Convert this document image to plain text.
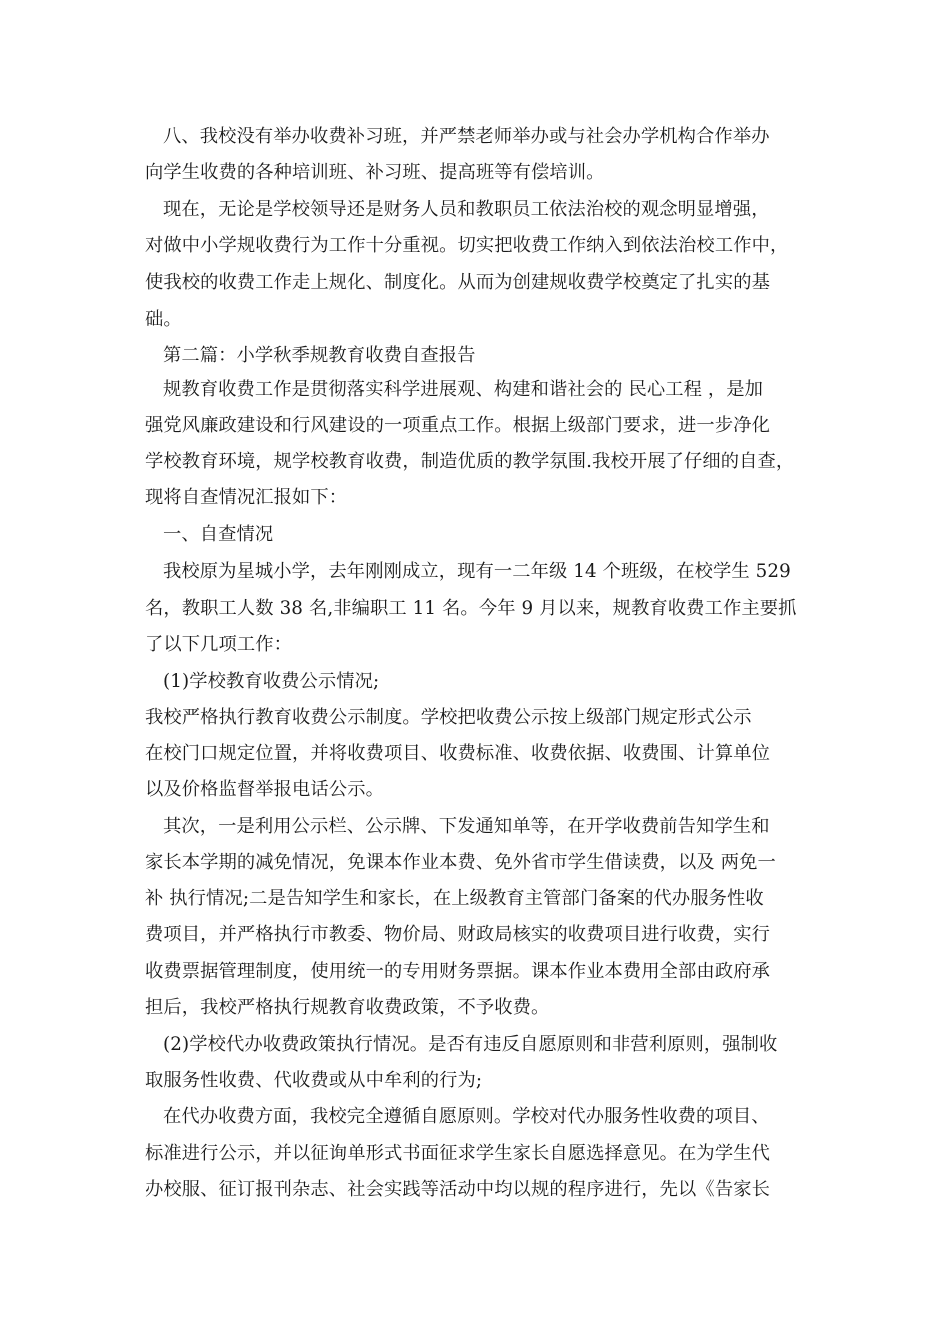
八、我校没有举办收费补习班，并严禁老师举办或与社会办学机构合作举办
向学生收费的各种培训班、补习班、提高班等有偿培训。
现在，无论是学校领导还是财务人员和教职员工依法治校的观念明显增强，
对做中小学规收费行为工作十分重视。切实把收费工作纳入到依法治校工作中，
使我校的收费工作走上规化、制度化。从而为创建规收费学校奠定了扎实的基
础。
第二篇：小学秋季规教育收费自查报告
规教育收费工作是贯彻落实科学进展观、构建和谐社会的 民心工程 ，是加
强党风廉政建设和行风建设的一项重点工作。根据上级部门要求，进一步净化
学校教育环境，规学校教育收费，制造优质的教学氛围.我校开展了仔细的自查，
现将自查情况汇报如下：
一、自查情况
我校原为星城小学，去年刚刚成立，现有一二年级 14 个班级，在校学生 529
名，教职工人数 38 名,非编职工 11 名。今年 9 月以来，规教育收费工作主要抓
了以下几项工作：
(1)学校教育收费公示情况;
我校严格执行教育收费公示制度。学校把收费公示按上级部门规定形式公示
在校门口规定位置，并将收费项目、收费标准、收费依据、收费围、计算单位
以及价格监督举报电话公示。
其次，一是利用公示栏、公示牌、下发通知单等，在开学收费前告知学生和
家长本学期的减免情况，免课本作业本费、免外省市学生借读费，以及 两免一
补 执行情况;二是告知学生和家长，在上级教育主管部门备案的代办服务性收
费项目，并严格执行市教委、物价局、财政局核实的收费项目进行收费，实行
收费票据管理制度，使用统一的专用财务票据。课本作业本费用全部由政府承
担后，我校严格执行规教育收费政策，不予收费。
(2)学校代办收费政策执行情况。是否有违反自愿原则和非营利原则，强制收
取服务性收费、代收费或从中牟利的行为;
在代办收费方面，我校完全遵循自愿原则。学校对代办服务性收费的项目、
标准进行公示，并以征询单形式书面征求学生家长自愿选择意见。在为学生代
办校服、征订报刊杂志、社会实践等活动中均以规的程序进行，先以《告家长
